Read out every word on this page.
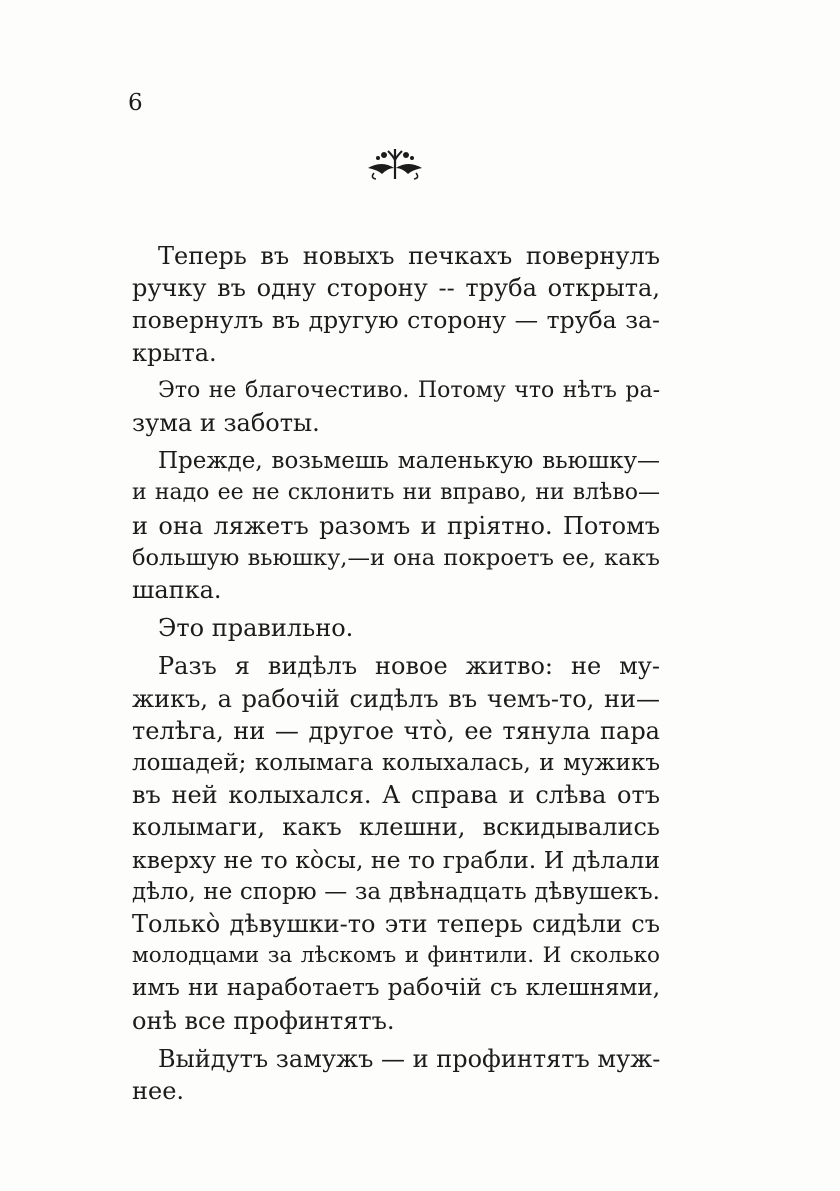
6

Теперь въ новыхъ печкахъ повернулъ
ручку въ одну сторону -- труба открыта,
повернулъ въ другую сторону — труба за-
крыта.

Это не благочестиво. Потому что нѣтъ ра-
зума и заботы.

Прежде, возьмешь маленькую вьюшку—
и надо ее не склонить ни вправо, ни влѣво—
и она ляжетъ разомъ и пріятно. Потомъ
большую вьюшку,—и она покроетъ ее, какъ
шапка.

Это правильно.

Разъ я видѣлъ новое житво: не му-
жикъ, а рабочій сидѣлъ въ чемъ-то, ни—
телѣга, ни — другое что̀, ее тянула пара
лошадей; колымага колыхалась, и мужикъ
въ ней колыхался. А справа и слѣва отъ
колымаги, какъ клешни, вскидывались
кверху не то ко̀сы, не то грабли. И дѣлали
дѣло, не спорю — за двѣнадцать дѣвушекъ.
Только̀ дѣвушки-то эти теперь сидѣли съ
молодцами за лѣскомъ и финтили. И сколько
имъ ни наработаетъ рабочій съ клешнями,
онѣ все профинтятъ.

Выйдутъ замужъ — и профинтятъ муж-
нее.
